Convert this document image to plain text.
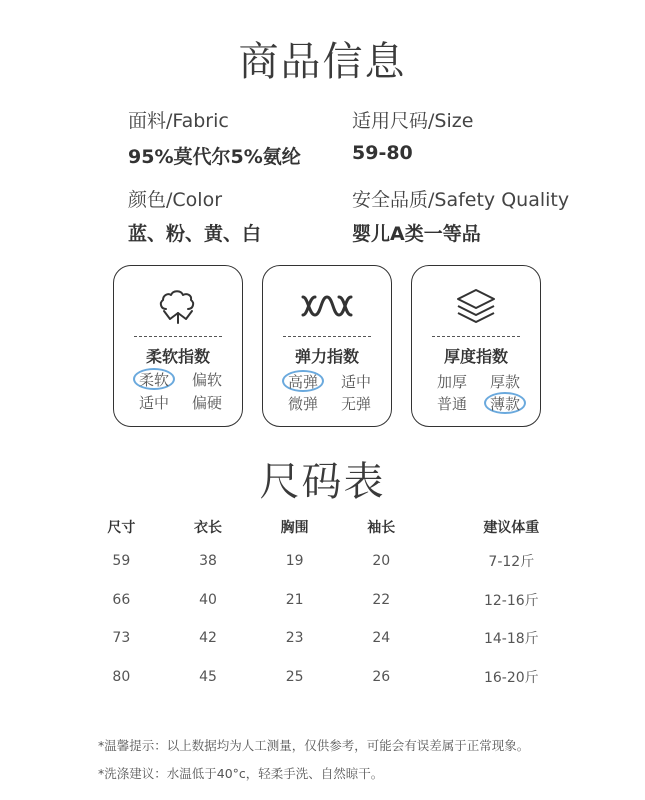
商品信息
面料/Fabric
95%莫代尔5%氨纶
适用尺码/Size
59-80
颜色/Color
蓝、粉、黄、白
安全品质/Safety Quality
婴儿A类一等品
柔软指数
柔软	偏软
适中	偏硬
弹力指数
高弹	适中
微弹	无弹
厚度指数
加厚	厚款
普通	薄款
尺码表
尺寸	衣长	胸围	袖长	建议体重
59	38	19	20	7-12斤
66	40	21	22	12-16斤
73	42	23	24	14-18斤
80	45	25	26	16-20斤
*温馨提示：以上数据均为人工测量，仅供参考，可能会有误差属于正常现象。
*洗涤建议：水温低于40°c，轻柔手洗、自然晾干。
